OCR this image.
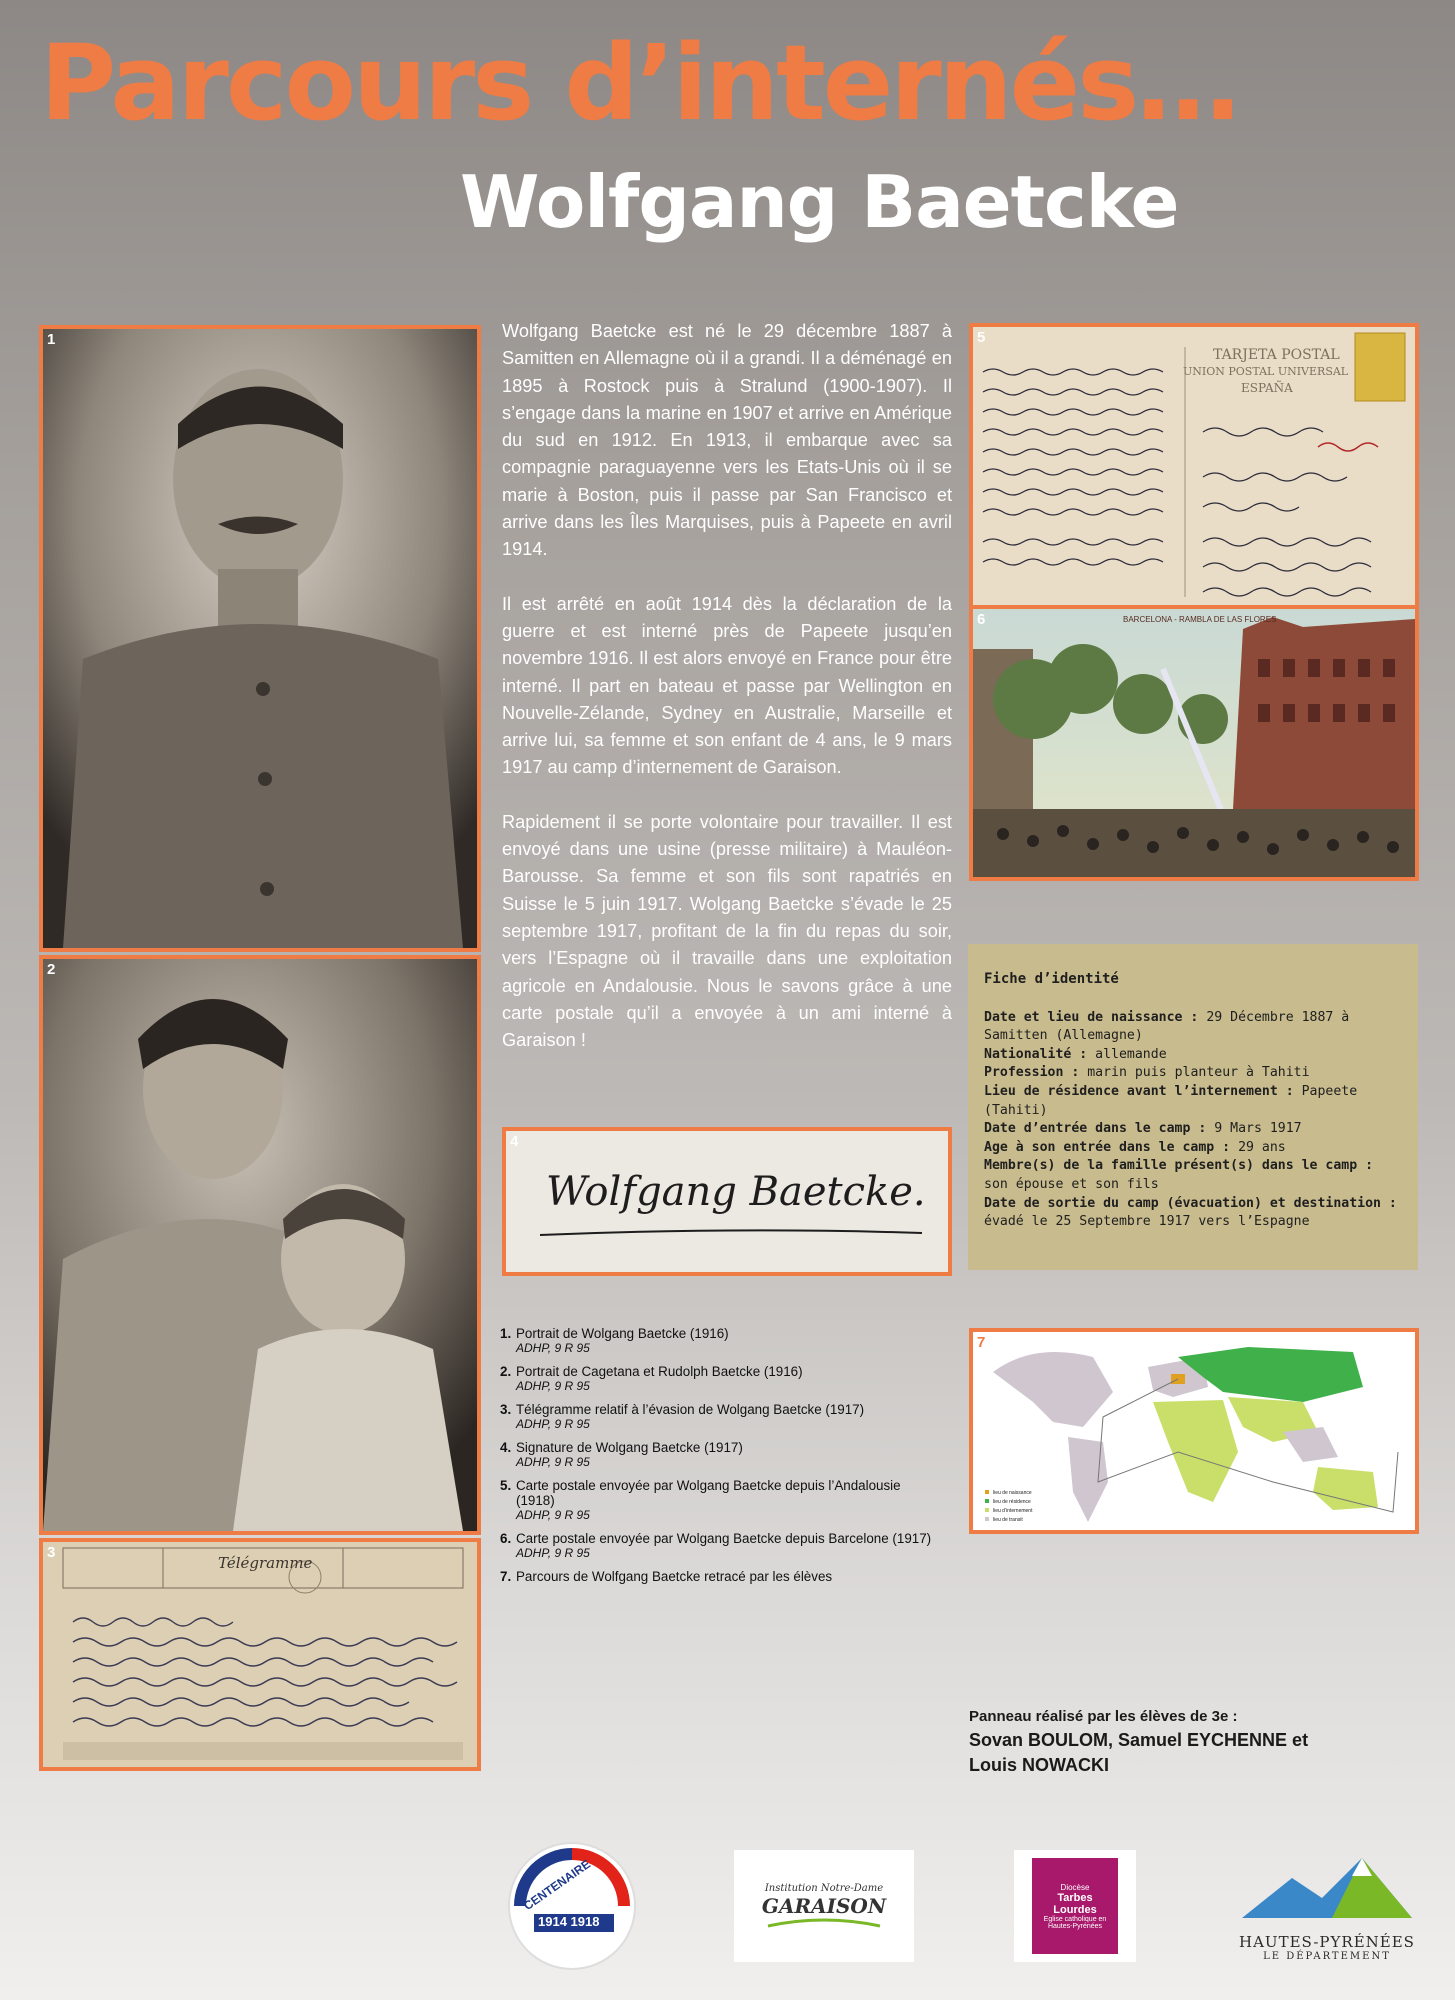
Parcours d’internés…
Wolfgang Baetcke
1
2
3
Télégramme

Wolfgang Baetcke est né le 29 décembre 1887 à Samitten en Allemagne où il a grandi. Il a déménagé en 1895 à Rostock puis à Stralund (1900-1907). Il s’engage dans la marine en 1907 et arrive en Amérique du sud en 1912. En 1913, il embarque avec sa compagnie paraguayenne vers les Etats-Unis où il se marie à Boston, puis il passe par San Francisco et arrive dans les Îles Marquises, puis à Papeete en avril 1914.

Il est arrêté en août 1914 dès la déclaration de la guerre et est interné près de Papeete jusqu’en novembre 1916. Il est alors envoyé en France pour être interné. Il part en bateau et passe par Wellington en Nouvelle-Zélande, Sydney en Australie, Marseille et arrive lui, sa femme et son enfant de 4 ans, le 9 mars 1917 au camp d’internement de Garaison.

Rapidement il se porte volontaire pour travailler. Il est envoyé dans une usine (presse militaire) à Mauléon-Barousse. Sa femme et son fils sont rapatriés en Suisse le 5 juin 1917. Wolgang Baetcke s’évade le 25 septembre 1917, profitant de la fin du repas du soir, vers l’Espagne où il travaille dans une exploitation agricole en Andalousie. Nous le savons grâce à une carte postale qu’il a envoyée à un ami interné à Garaison !

4
Wolfgang Baetcke.
5
TARJETA POSTAL
UNION POSTAL UNIVERSAL
ESPAÑA
6	BARCELONA - RAMBLA DE LAS FLORES
Fiche d’identité
Date et lieu de naissance : 29 Décembre 1887 à Samitten (Allemagne)
Nationalité : allemande
Profession : marin puis planteur à Tahiti
Lieu de résidence avant l’internement : Papeete (Tahiti)
Date d’entrée dans le camp : 9 Mars 1917
Age à son entrée dans le camp : 29 ans
Membre(s) de la famille présent(s) dans le camp : son épouse et son fils
Date de sortie du camp (évacuation) et destination : évadé le 25 Septembre 1917 vers l’Espagne
7
lieu de naissance
lieu de résidence
lieu d’internement
lieu de transit
1. Portrait de Wolgang Baetcke (1916)
ADHP, 9 R 95
2. Portrait de Cagetana et Rudolph Baetcke (1916)
ADHP, 9 R 95
3. Télégramme relatif à l’évasion de Wolgang Baetcke (1917)
ADHP, 9 R 95
4. Signature de Wolgang Baetcke (1917)
ADHP, 9 R 95
5. Carte postale envoyée par Wolgang Baetcke depuis l’Andalousie (1918)
ADHP, 9 R 95
6. Carte postale envoyée par Wolgang Baetcke depuis Barcelone (1917)
ADHP, 9 R 95
7. Parcours de Wolfgang Baetcke retracé par les élèves
Panneau réalisé par les élèves de 3e :
Sovan BOULOM, Samuel EYCHENNE et
Louis NOWACKI
CENTENAIRE
1914 1918
Institution Notre-Dame
GARAISON
Diocèse
Tarbes Lourdes
Eglise catholique en Hautes-Pyrénées
HAUTES-PYRÉNÉES
LE DÉPARTEMENT
